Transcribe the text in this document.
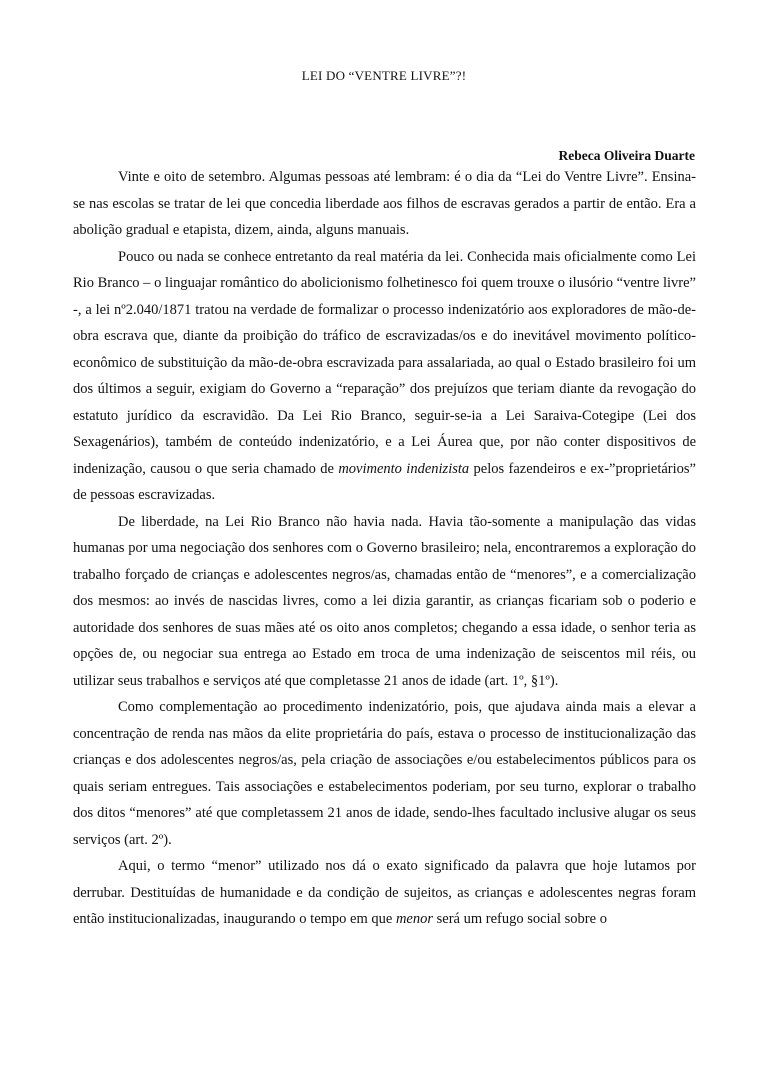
LEI DO “VENTRE LIVRE”?!
Rebeca Oliveira Duarte

Vinte e oito de setembro. Algumas pessoas até lembram: é o dia da “Lei do Ventre Livre”. Ensina-se nas escolas se tratar de lei que concedia liberdade aos filhos de escravas gerados a partir de então. Era a abolição gradual e etapista, dizem, ainda, alguns manuais.

Pouco ou nada se conhece entretanto da real matéria da lei. Conhecida mais oficialmente como Lei Rio Branco – o linguajar romântico do abolicionismo folhetinesco foi quem trouxe o ilusório “ventre livre” -, a lei nº2.040/1871 tratou na verdade de formalizar o processo indenizatório aos exploradores de mão-de-obra escrava que, diante da proibição do tráfico de escravizadas/os e do inevitável movimento político-econômico de substituição da mão-de-obra escravizada para assalariada, ao qual o Estado brasileiro foi um dos últimos a seguir, exigiam do Governo a “reparação” dos prejuízos que teriam diante da revogação do estatuto jurídico da escravidão. Da Lei Rio Branco, seguir-se-ia a Lei Saraiva-Cotegipe (Lei dos Sexagenários), também de conteúdo indenizatório, e a Lei Áurea que, por não conter dispositivos de indenização, causou o que seria chamado de movimento indenizista pelos fazendeiros e ex-”proprietários” de pessoas escravizadas.

De liberdade, na Lei Rio Branco não havia nada. Havia tão-somente a manipulação das vidas humanas por uma negociação dos senhores com o Governo brasileiro; nela, encontraremos a exploração do trabalho forçado de crianças e adolescentes negros/as, chamadas então de “menores”, e a comercialização dos mesmos: ao invés de nascidas livres, como a lei dizia garantir, as crianças ficariam sob o poderio e autoridade dos senhores de suas mães até os oito anos completos; chegando a essa idade, o senhor teria as opções de, ou negociar sua entrega ao Estado em troca de uma indenização de seiscentos mil réis, ou utilizar seus trabalhos e serviços até que completasse 21 anos de idade (art. 1º, §1º).

Como complementação ao procedimento indenizatório, pois, que ajudava ainda mais a elevar a concentração de renda nas mãos da elite proprietária do país, estava o processo de institucionalização das crianças e dos adolescentes negros/as, pela criação de associações e/ou estabelecimentos públicos para os quais seriam entregues. Tais associações e estabelecimentos poderiam, por seu turno, explorar o trabalho dos ditos “menores” até que completassem 21 anos de idade, sendo-lhes facultado inclusive alugar os seus serviços (art. 2º).

Aqui, o termo “menor” utilizado nos dá o exato significado da palavra que hoje lutamos por derrubar. Destituídas de humanidade e da condição de sujeitos, as crianças e adolescentes negras foram então institucionalizadas, inaugurando o tempo em que menor será um refugo social sobre o
